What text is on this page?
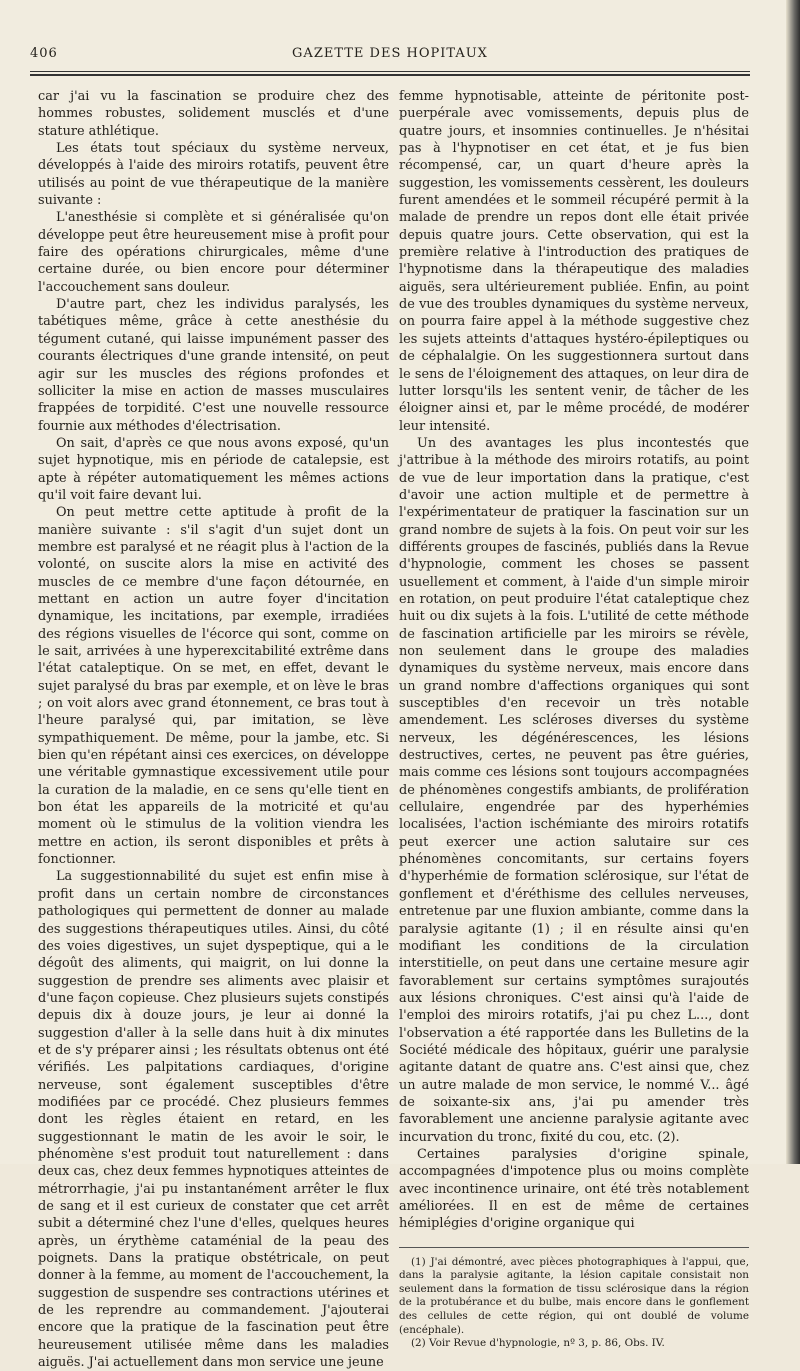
406	GAZETTE DES HOPITAUX

car j'ai vu la fascination se produire chez des hommes robustes, solidement musclés et d'une stature athlétique.

Les états tout spéciaux du système nerveux, développés à l'aide des miroirs rotatifs, peuvent être utilisés au point de vue thérapeutique de la manière suivante :

L'anesthésie si complète et si généralisée qu'on développe peut être heureusement mise à profit pour faire des opérations chirurgicales, même d'une certaine durée, ou bien encore pour déterminer l'accouchement sans douleur.

D'autre part, chez les individus paralysés, les tabétiques même, grâce à cette anesthésie du tégument cutané, qui laisse impunément passer des courants électriques d'une grande intensité, on peut agir sur les muscles des régions profondes et solliciter la mise en action de masses musculaires frappées de torpidité. C'est une nouvelle ressource fournie aux méthodes d'électrisation.

On sait, d'après ce que nous avons exposé, qu'un sujet hypnotique, mis en période de catalepsie, est apte à répéter automatiquement les mêmes actions qu'il voit faire devant lui.

On peut mettre cette aptitude à profit de la manière suivante : s'il s'agit d'un sujet dont un membre est paralysé et ne réagit plus à l'action de la volonté, on suscite alors la mise en activité des muscles de ce membre d'une façon détournée, en mettant en action un autre foyer d'incitation dynamique, les incitations, par exemple, irradiées des régions visuelles de l'écorce qui sont, comme on le sait, arrivées à une hyperexcitabilité extrême dans l'état cataleptique. On se met, en effet, devant le sujet paralysé du bras par exemple, et on lève le bras ; on voit alors avec grand étonnement, ce bras tout à l'heure paralysé qui, par imitation, se lève sympathiquement. De même, pour la jambe, etc. Si bien qu'en répétant ainsi ces exercices, on développe une véritable gymnastique excessivement utile pour la curation de la maladie, en ce sens qu'elle tient en bon état les appareils de la motricité et qu'au moment où le stimulus de la volition viendra les mettre en action, ils seront disponibles et prêts à fonctionner.

La suggestionnabilité du sujet est enfin mise à profit dans un certain nombre de circonstances pathologiques qui permettent de donner au malade des suggestions thérapeutiques utiles. Ainsi, du côté des voies digestives, un sujet dyspeptique, qui a le dégoût des aliments, qui maigrit, on lui donne la suggestion de prendre ses aliments avec plaisir et d'une façon copieuse. Chez plusieurs sujets constipés depuis dix à douze jours, je leur ai donné la suggestion d'aller à la selle dans huit à dix minutes et de s'y préparer ainsi ; les résultats obtenus ont été vérifiés. Les palpitations cardiaques, d'origine nerveuse, sont également susceptibles d'être modifiées par ce procédé. Chez plusieurs femmes dont les règles étaient en retard, en les suggestionnant le matin de les avoir le soir, le phénomène s'est produit tout naturellement : dans deux cas, chez deux femmes hypnotiques atteintes de métrorrhagie, j'ai pu instantanément arrêter le flux de sang et il est curieux de constater que cet arrêt subit a déterminé chez l'une d'elles, quelques heures après, un érythème cataménial de la peau des poignets. Dans la pratique obstétricale, on peut donner à la femme, au moment de l'accouchement, la suggestion de suspendre ses contractions utérines et de les reprendre au commandement. J'ajouterai encore que la pratique de la fascination peut être heureusement utilisée même dans les maladies aiguës. J'ai actuellement dans mon service une jeune

femme hypnotisable, atteinte de péritonite post-puerpérale avec vomissements, depuis plus de quatre jours, et insomnies continuelles. Je n'hésitai pas à l'hypnotiser en cet état, et je fus bien récompensé, car, un quart d'heure après la suggestion, les vomissements cessèrent, les douleurs furent amendées et le sommeil récupéré permit à la malade de prendre un repos dont elle était privée depuis quatre jours. Cette observation, qui est la première relative à l'introduction des pratiques de l'hypnotisme dans la thérapeutique des maladies aiguës, sera ultérieurement publiée. Enfin, au point de vue des troubles dynamiques du système nerveux, on pourra faire appel à la méthode suggestive chez les sujets atteints d'attaques hystéro-épileptiques ou de céphalalgie. On les suggestionnera surtout dans le sens de l'éloignement des attaques, on leur dira de lutter lorsqu'ils les sentent venir, de tâcher de les éloigner ainsi et, par le même procédé, de modérer leur intensité.

Un des avantages les plus incontestés que j'attribue à la méthode des miroirs rotatifs, au point de vue de leur importation dans la pratique, c'est d'avoir une action multiple et de permettre à l'expérimentateur de pratiquer la fascination sur un grand nombre de sujets à la fois. On peut voir sur les différents groupes de fascinés, publiés dans la Revue d'hypnologie, comment les choses se passent usuellement et comment, à l'aide d'un simple miroir en rotation, on peut produire l'état cataleptique chez huit ou dix sujets à la fois. L'utilité de cette méthode de fascination artificielle par les miroirs se révèle, non seulement dans le groupe des maladies dynamiques du système nerveux, mais encore dans un grand nombre d'affections organiques qui sont susceptibles d'en recevoir un très notable amendement. Les scléroses diverses du système nerveux, les dégénérescences, les lésions destructives, certes, ne peuvent pas être guéries, mais comme ces lésions sont toujours accompagnées de phénomènes congestifs ambiants, de prolifération cellulaire, engendrée par des hyperhémies localisées, l'action ischémiante des miroirs rotatifs peut exercer une action salutaire sur ces phénomènes concomitants, sur certains foyers d'hyperhémie de formation sclérosique, sur l'état de gonflement et d'éréthisme des cellules nerveuses, entretenue par une fluxion ambiante, comme dans la paralysie agitante (1) ; il en résulte ainsi qu'en modifiant les conditions de la circulation interstitielle, on peut dans une certaine mesure agir favorablement sur certains symptômes surajoutés aux lésions chroniques. C'est ainsi qu'à l'aide de l'emploi des miroirs rotatifs, j'ai pu chez L..., dont l'observation a été rapportée dans les Bulletins de la Société médicale des hôpitaux, guérir une paralysie agitante datant de quatre ans. C'est ainsi que, chez un autre malade de mon service, le nommé V... âgé de soixante-six ans, j'ai pu amender très favorablement une ancienne paralysie agitante avec incurvation du tronc, fixité du cou, etc. (2).

Certaines paralysies d'origine spinale, accompagnées d'impotence plus ou moins complète avec incontinence urinaire, ont été très notablement améliorées. Il en est de même de certaines hémiplégies d'origine organique qui

(1) J'ai démontré, avec pièces photographiques à l'appui, que, dans la paralysie agitante, la lésion capitale consistait non seulement dans la formation de tissu sclérosique dans la région de la protubérance et du bulbe, mais encore dans le gonflement des cellules de cette région, qui ont doublé de volume (encéphale).

(2) Voir Revue d'hypnologie, nº 3, p. 86, Obs. IV.
